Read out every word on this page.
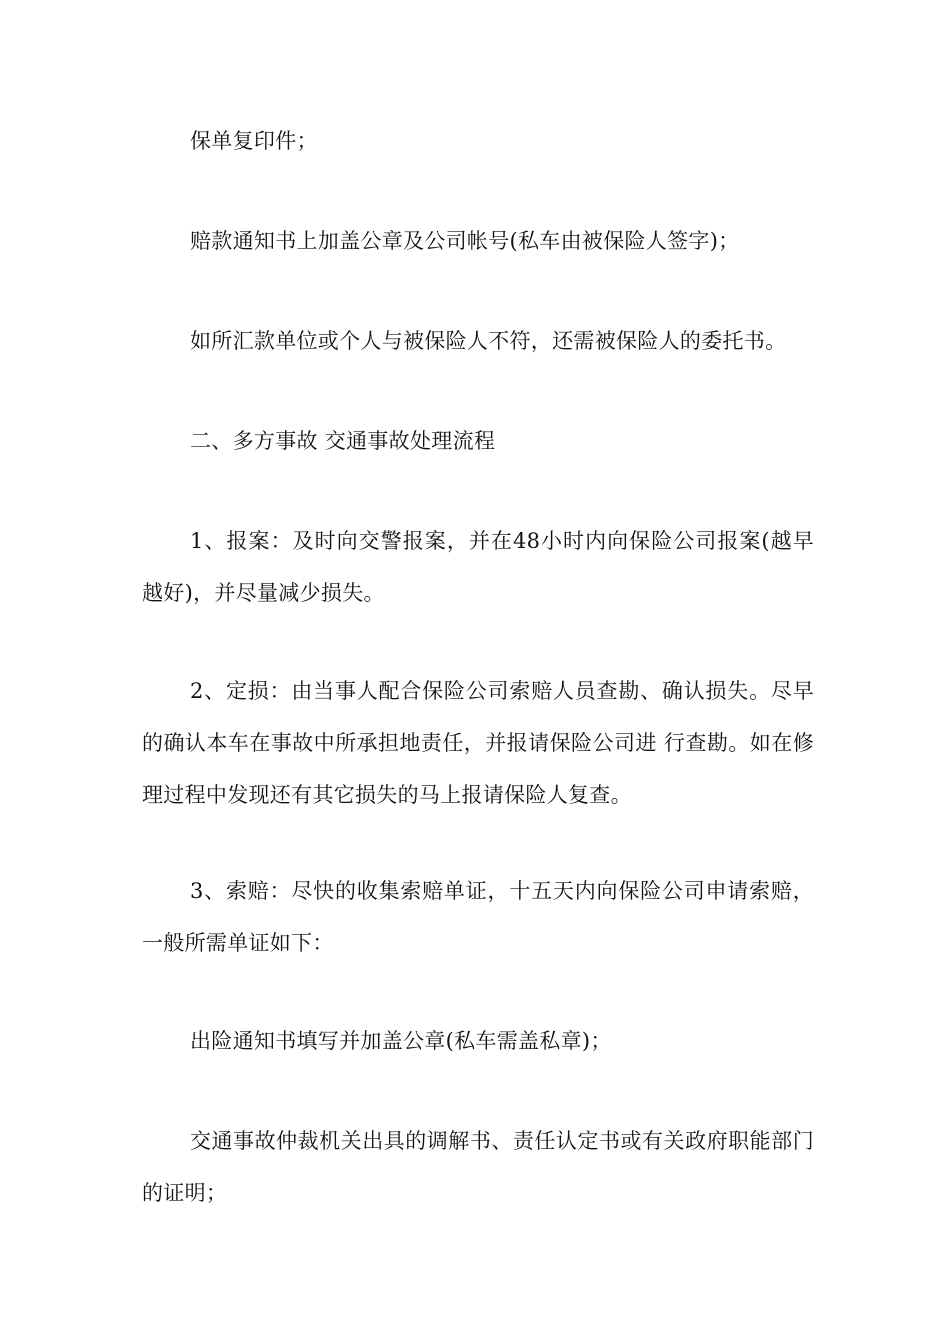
保单复印件；

赔款通知书上加盖公章及公司帐号(私车由被保险人签字)；

如所汇款单位或个人与被保险人不符，还需被保险人的委托书。

二、多方事故 交通事故处理流程

1、报案：及时向交警报案，并在48小时内向保险公司报案(越早越好)，并尽量减少损失。

2、定损：由当事人配合保险公司索赔人员查勘、确认损失。尽早的确认本车在事故中所承担地责任，并报请保险公司进 行查勘。如在修理过程中发现还有其它损失的马上报请保险人复查。

3、索赔：尽快的收集索赔单证，十五天内向保险公司申请索赔，一般所需单证如下：

出险通知书填写并加盖公章(私车需盖私章)；

交通事故仲裁机关出具的调解书、责任认定书或有关政府职能部门的证明；
